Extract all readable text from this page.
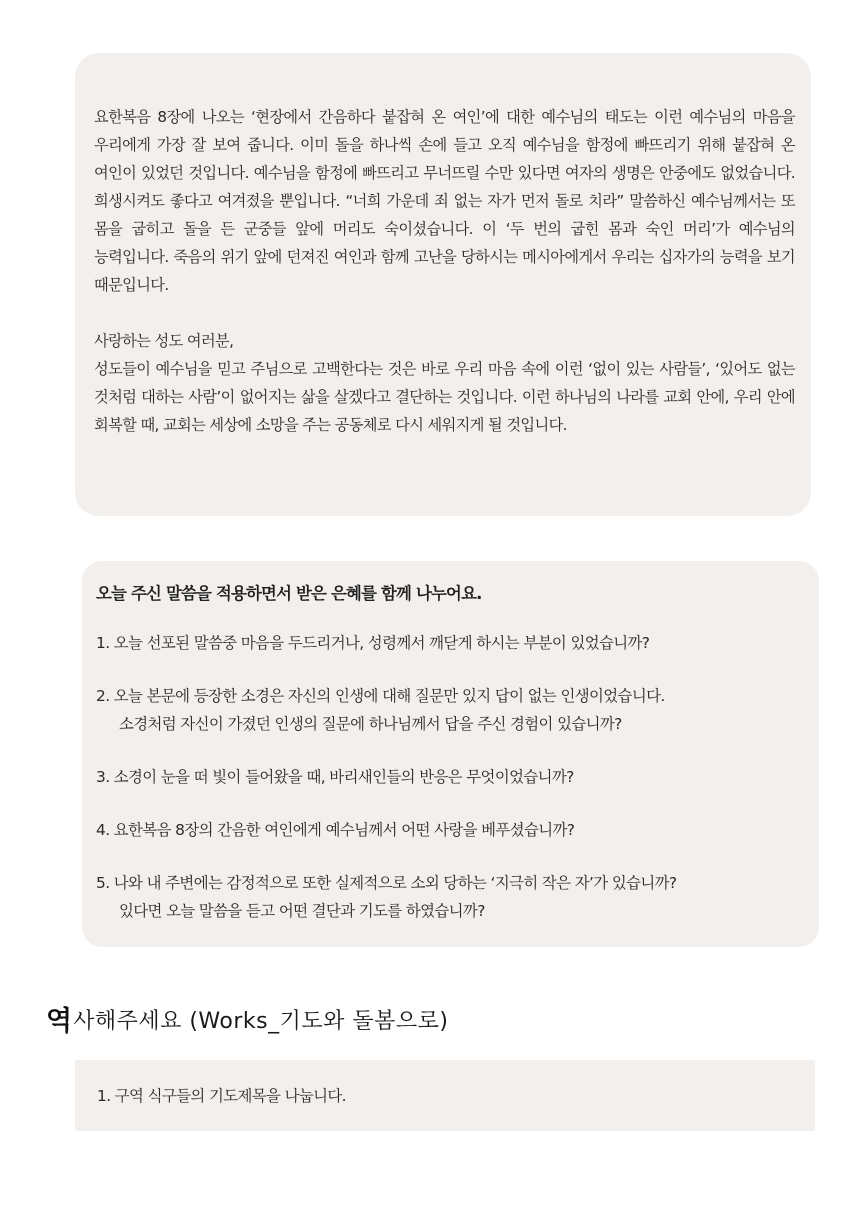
요한복음 8장에 나오는 ‘현장에서 간음하다 붙잡혀 온 여인’에 대한 예수님의 태도는 이런 예수님의 마음을 우리에게 가장 잘 보여 줍니다. 이미 돌을 하나씩 손에 들고 오직 예수님을 함정에 빠뜨리기 위해 붙잡혀 온 여인이 있었던 것입니다. 예수님을 함정에 빠뜨리고 무너뜨릴 수만 있다면 여자의 생명은 안중에도 없었습니다. 희생시켜도 좋다고 여겨졌을 뿐입니다. “너희 가운데 죄 없는 자가 먼저 돌로 치라” 말씀하신 예수님께서는 또 몸을 굽히고 돌을 든 군중들 앞에 머리도 숙이셨습니다. 이 ‘두 번의 굽힌 몸과 숙인 머리’가 예수님의 능력입니다. 죽음의 위기 앞에 던져진 여인과 함께 고난을 당하시는 메시아에게서 우리는 십자가의 능력을 보기 때문입니다.

사랑하는 성도 여러분,

성도들이 예수님을 믿고 주님으로 고백한다는 것은 바로 우리 마음 속에 이런 ‘없이 있는 사람들’, ‘있어도 없는 것처럼 대하는 사람’이 없어지는 삶을 살겠다고 결단하는 것입니다. 이런 하나님의 나라를 교회 안에, 우리 안에 회복할 때, 교회는 세상에 소망을 주는 공동체로 다시 세워지게 될 것입니다.

오늘 주신 말씀을 적용하면서 받은 은혜를 함께 나누어요.

1. 오늘 선포된 말씀중 마음을 두드리거나, 성령께서 깨닫게 하시는 부분이 있었습니까?

2. 오늘 본문에 등장한 소경은 자신의 인생에 대해 질문만 있지 답이 없는 인생이었습니다.
소경처럼 자신이 가졌던 인생의 질문에 하나님께서 답을 주신 경험이 있습니까?

3. 소경이 눈을 떠 빛이 들어왔을 때, 바리새인들의 반응은 무엇이었습니까?

4. 요한복음 8장의 간음한 여인에게 예수님께서 어떤 사랑을 베푸셨습니까?

5. 나와 내 주변에는 감정적으로 또한 실제적으로 소외 당하는 ‘지극히 작은 자’가 있습니까?
있다면 오늘 말씀을 듣고 어떤 결단과 기도를 하였습니까?

역 사해주세요 (Works_기도와 돌봄으로)

1. 구역 식구들의 기도제목을 나눕니다.
